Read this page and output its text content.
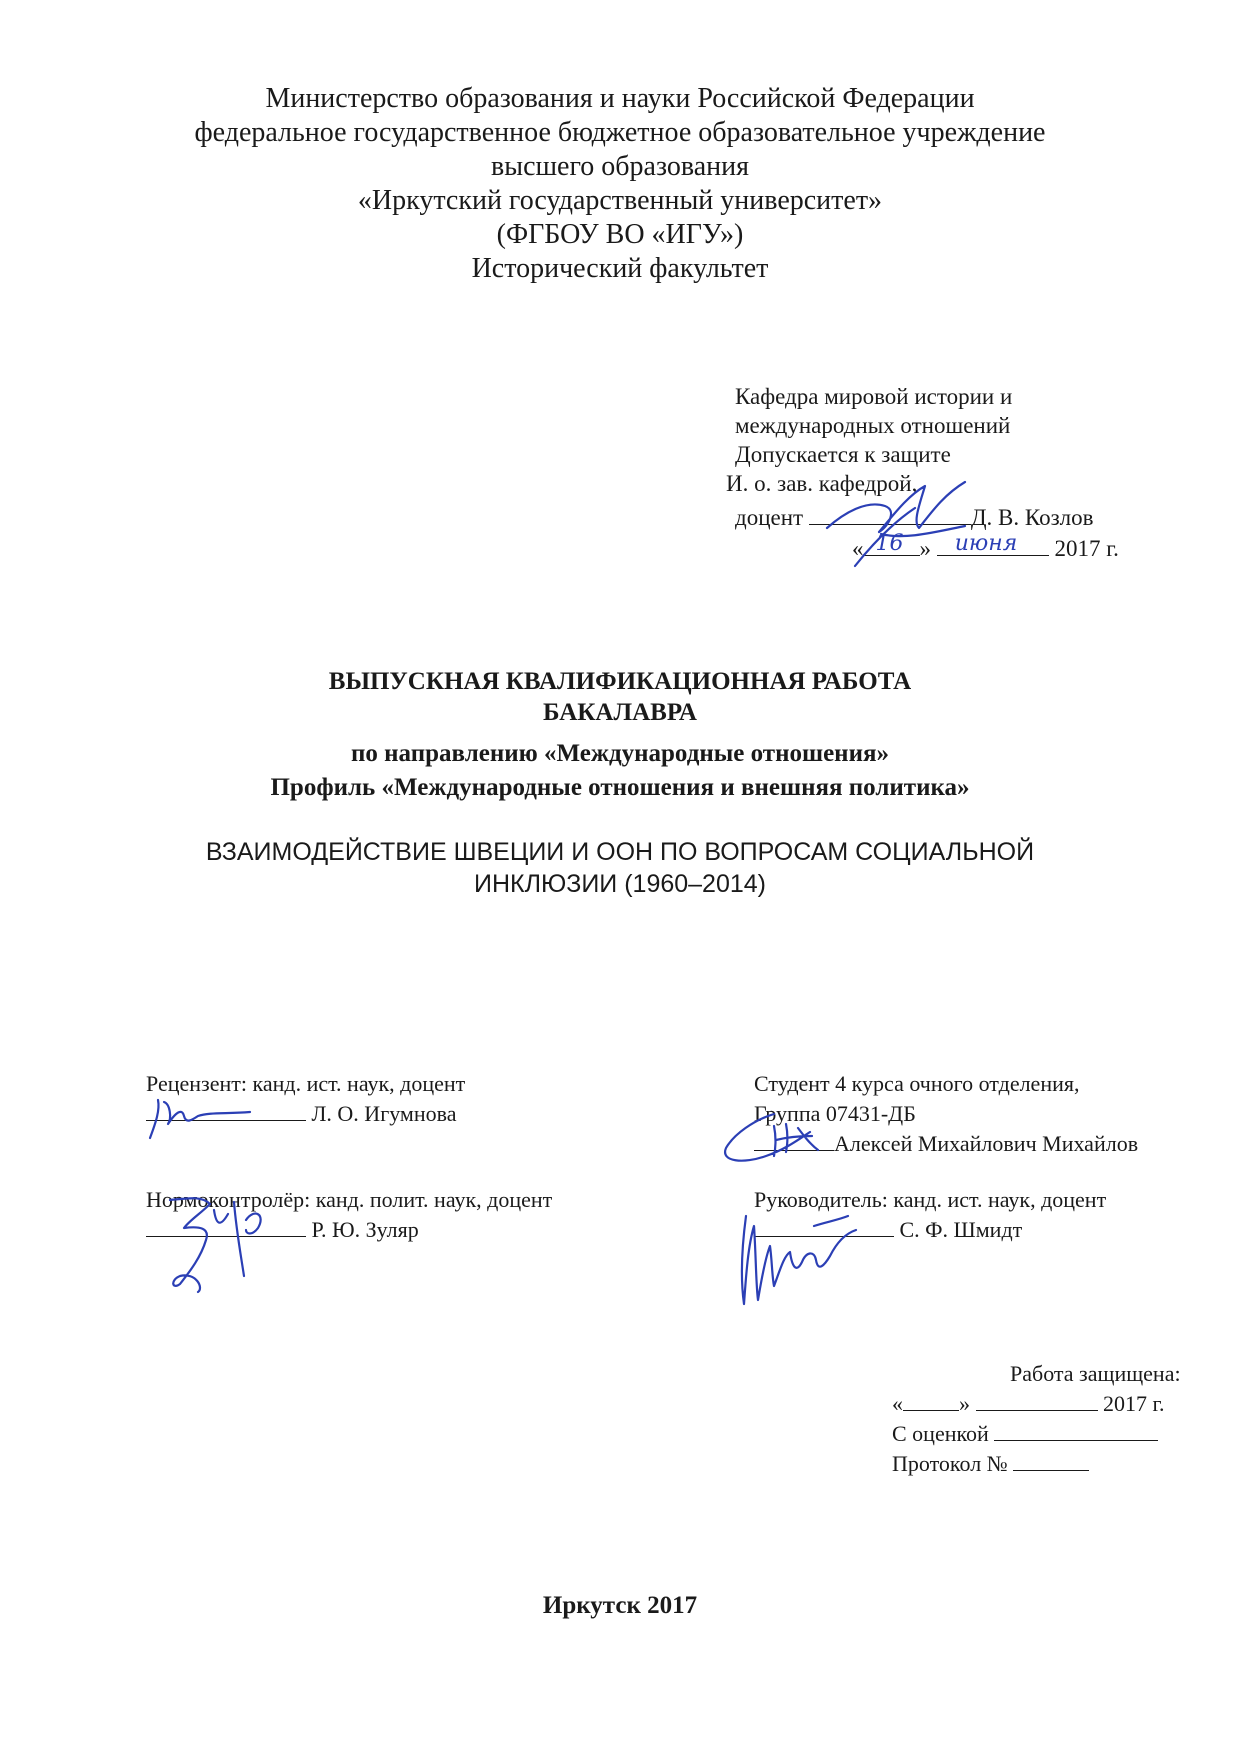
Министерство образования и науки Российской Федерации
федеральное государственное бюджетное образовательное учреждение
высшего образования
«Иркутский государственный университет»
(ФГБОУ ВО «ИГУ»)
Исторический факультет
Кафедра мировой истории и
международных отношений
Допускается к защите
И. о. зав. кафедрой,
доцент	Д. В. Козлов
« 16 » июня 2017 г.
ВЫПУСКНАЯ КВАЛИФИКАЦИОННАЯ РАБОТА
БАКАЛАВРА
по направлению «Международные отношения»
Профиль «Международные отношения и внешняя политика»
ВЗАИМОДЕЙСТВИЕ ШВЕЦИИ И ООН ПО ВОПРОСАМ СОЦИАЛЬНОЙ
ИНКЛЮЗИИ (1960–2014)
Рецензент: канд. ист. наук, доцент
Л. О. Игумнова
Нормоконтролёр: канд. полит. наук, доцент
Р. Ю. Зуляр
Студент 4 курса очного отделения,
Группа 07431-ДБ
Алексей Михайлович Михайлов
Руководитель: канд. ист. наук, доцент
С. Ф. Шмидт
Работа защищена:
«	»	2017 г.
С оценкой
Протокол №
Иркутск 2017
